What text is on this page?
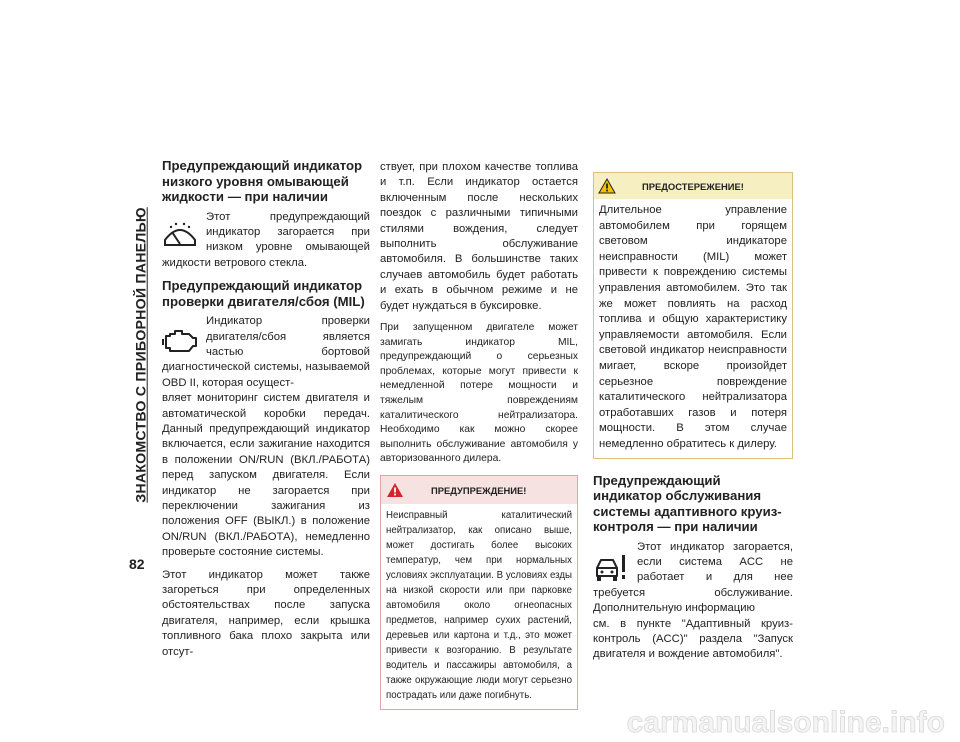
ЗНАКОМСТВО С ПРИБОРНОЙ ПАНЕЛЬЮ
82
Предупреждающий индикатор низкого уровня омывающей жидкости — при наличии

Этот предупреждающий индикатор загорается при низком уровне омывающей жидкости ветрового стекла.

Предупреждающий индикатор проверки двигателя/сбоя (MIL)

Индикатор проверки двигателя/сбоя является частью бортовой диагностической системы, называемой OBD II, которая осущест-

вляет мониторинг систем двигателя и автоматической коробки передач. Данный предупреждающий индикатор включается, если зажигание находится в положении ON/RUN (ВКЛ./РАБОТА) перед запуском двигателя. Если индикатор не загорается при переключении зажигания из положения OFF (ВЫКЛ.) в положение ON/RUN (ВКЛ./РАБОТА), немедленно проверьте состояние системы.

Этот индикатор может также загореться при определенных обстоятельствах после запуска двигателя, например, если крышка топливного бака плохо закрыта или отсут-

ствует, при плохом качестве топлива и т.п. Если индикатор остается включенным после нескольких поездок с различными типичными стилями вождения, следует выполнить обслуживание автомобиля. В большинстве таких случаев автомобиль будет работать и ехать в обычном режиме и не будет нуждаться в буксировке.

При запущенном двигателе может замигать индикатор MIL, предупреждающий о серьезных проблемах, которые могут привести к немедленной потере мощности и тяжелым повреждениям каталитического нейтрализатора. Необходимо как можно скорее выполнить обслуживание автомобиля у авторизованного дилера.

ПРЕДУПРЕЖДЕНИЕ!

Неисправный каталитический нейтрализатор, как описано выше, может достигать более высоких температур, чем при нормальных условиях эксплуатации. В условиях езды на низкой скорости или при парковке автомобиля около огнеопасных предметов, например сухих растений, деревьев или картона и т.д., это может привести к возгоранию. В результате водитель и пассажиры автомобиля, а также окружающие люди могут серьезно пострадать или даже погибнуть.

ПРЕДОСТЕРЕЖЕНИЕ!

Длительное управление автомобилем при горящем световом индикаторе неисправности (MIL) может привести к повреждению системы управления автомобилем. Это так же может повлиять на расход топлива и общую характеристику управляемости автомобиля. Если световой индикатор неисправности мигает, вскоре произойдет серьезное повреждение каталитического нейтрализатора отработавших газов и потеря мощности. В этом случае немедленно обратитесь к дилеру.

Предупреждающий индикатор обслуживания системы адаптивного круиз-контроля — при наличии

Этот индикатор загорается, если система ACC не работает и для нее требуется обслуживание. Дополнительную информацию

см. в пункте "Адаптивный круиз-контроль (ACC)" раздела "Запуск двигателя и вождение автомобиля".

carmanualsonline.info
